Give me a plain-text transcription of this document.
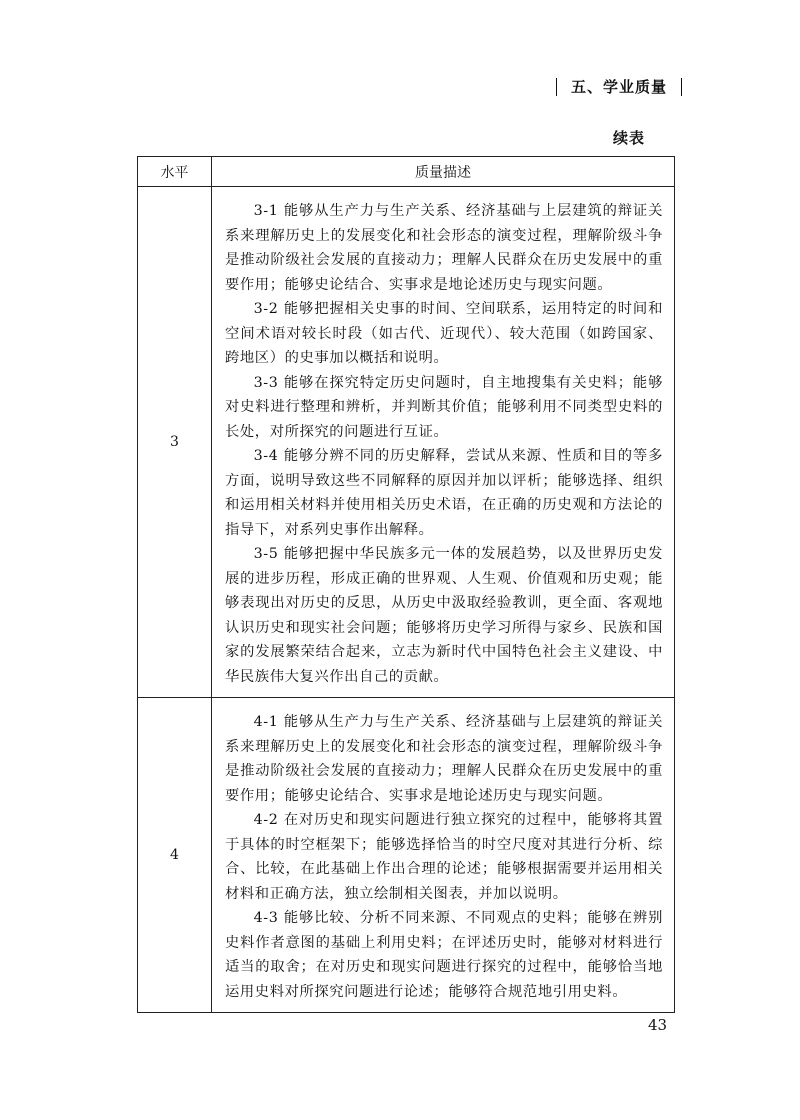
五、学业质量
续表
水平	质量描述
3	3-1 能够从生产力与生产关系、经济基础与上层建筑的辩证关系来理解历史上的发展变化和社会形态的演变过程，理解阶级斗争是推动阶级社会发展的直接动力；理解人民群众在历史发展中的重要作用；能够史论结合、实事求是地论述历史与现实问题。

3-2 能够把握相关史事的时间、空间联系，运用特定的时间和空间术语对较长时段（如古代、近现代）、较大范围（如跨国家、跨地区）的史事加以概括和说明。

3-3 能够在探究特定历史问题时，自主地搜集有关史料；能够对史料进行整理和辨析，并判断其价值；能够利用不同类型史料的长处，对所探究的问题进行互证。

3-4 能够分辨不同的历史解释，尝试从来源、性质和目的等多方面，说明导致这些不同解释的原因并加以评析；能够选择、组织和运用相关材料并使用相关历史术语，在正确的历史观和方法论的指导下，对系列史事作出解释。

3-5 能够把握中华民族多元一体的发展趋势，以及世界历史发展的进步历程，形成正确的世界观、人生观、价值观和历史观；能够表现出对历史的反思，从历史中汲取经验教训，更全面、客观地认识历史和现实社会问题；能够将历史学习所得与家乡、民族和国家的发展繁荣结合起来，立志为新时代中国特色社会主义建设、中华民族伟大复兴作出自己的贡献。

4	4-1 能够从生产力与生产关系、经济基础与上层建筑的辩证关系来理解历史上的发展变化和社会形态的演变过程，理解阶级斗争是推动阶级社会发展的直接动力；理解人民群众在历史发展中的重要作用；能够史论结合、实事求是地论述历史与现实问题。

4-2 在对历史和现实问题进行独立探究的过程中，能够将其置于具体的时空框架下；能够选择恰当的时空尺度对其进行分析、综合、比较，在此基础上作出合理的论述；能够根据需要并运用相关材料和正确方法，独立绘制相关图表，并加以说明。

4-3 能够比较、分析不同来源、不同观点的史料；能够在辨别史料作者意图的基础上利用史料；在评述历史时，能够对材料进行适当的取舍；在对历史和现实问题进行探究的过程中，能够恰当地运用史料对所探究问题进行论述；能够符合规范地引用史料。

43
